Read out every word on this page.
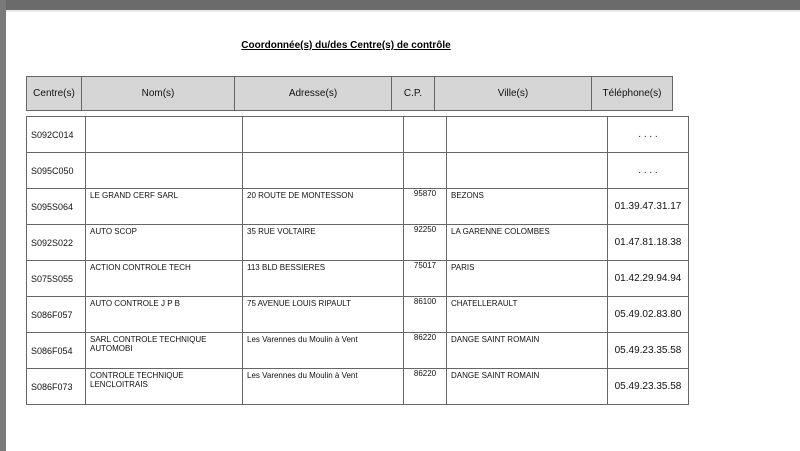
Coordonnée(s) du/des Centre(s) de contrôle
Centre(s)	Nom(s)	Adresse(s)	C.P.	Ville(s)	Téléphone(s)
S092C014					. . . .
S095C050					. . . .
S095S064	LE GRAND CERF SARL	20 ROUTE DE MONTESSON	95870	BEZONS	01.39.47.31.17
S092S022	AUTO SCOP	35 RUE VOLTAIRE	92250	LA GARENNE COLOMBES	01.47.81.18.38
S075S055	ACTION CONTROLE TECH	113 BLD BESSIERES	75017	PARIS	01.42.29.94.94
S086F057	AUTO CONTROLE J P B	75 AVENUE LOUIS RIPAULT	86100	CHATELLERAULT	05.49.02.83.80
S086F054	SARL CONTROLE TECHNIQUE AUTOMOBI	Les Varennes du Moulin à Vent	86220	DANGE SAINT ROMAIN	05.49.23.35.58
S086F073	CONTROLE TECHNIQUE LENCLOITRAIS	Les Varennes du Moulin à Vent	86220	DANGE SAINT ROMAIN	05.49.23.35.58
